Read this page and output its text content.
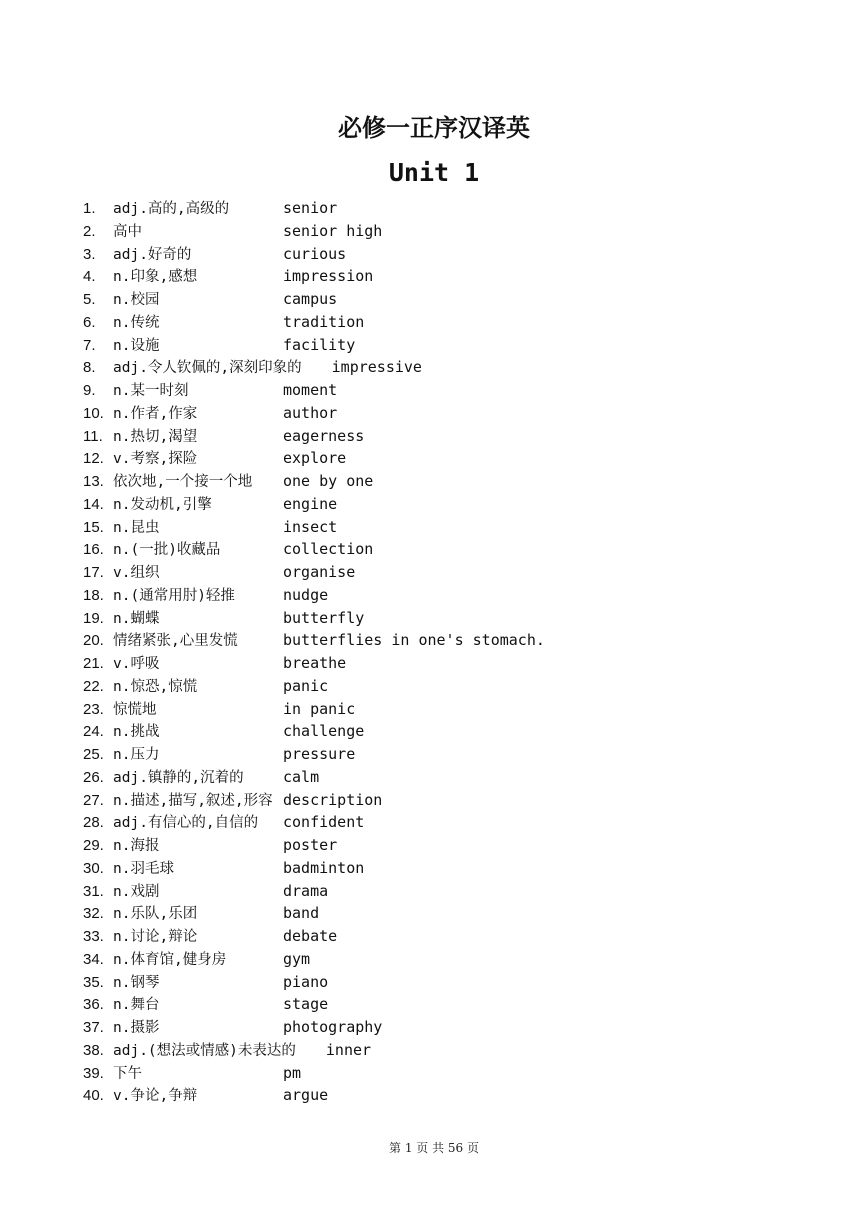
必修一正序汉译英
Unit 1
1. adj.高的,高级的	senior
2. 高中	senior high
3. adj.好奇的	curious
4. n.印象,感想	impression
5. n.校园	campus
6. n.传统	tradition
7. n.设施	facility
8. adj.令人钦佩的,深刻印象的 impressive
9. n.某一时刻	moment
10. n.作者,作家	author
11. n.热切,渴望	eagerness
12. v.考察,探险	explore
13. 依次地,一个接一个地 one by one
14. n.发动机,引擎	engine
15. n.昆虫	insect
16. n.(一批)收藏品	collection
17. v.组织	organise
18. n.(通常用肘)轻推	nudge
19. n.蝴蝶	butterfly
20. 情绪紧张,心里发慌	butterflies in one's stomach.
21. v.呼吸	breathe
22. n.惊恐,惊慌	panic
23. 惊慌地	in panic
24. n.挑战	challenge
25. n.压力	pressure
26. adj.镇静的,沉着的	calm
27. n.描述,描写,叙述,形容 description
28. adj.有信心的,自信的 confident
29. n.海报	poster
30. n.羽毛球	badminton
31. n.戏剧	drama
32. n.乐队,乐团	band
33. n.讨论,辩论	debate
34. n.体育馆,健身房	gym
35. n.钢琴	piano
36. n.舞台	stage
37. n.摄影	photography
38. adj.(想法或情感)未表达的 inner
39. 下午	pm
40. v.争论,争辩	argue
第 1 页 共 56 页
